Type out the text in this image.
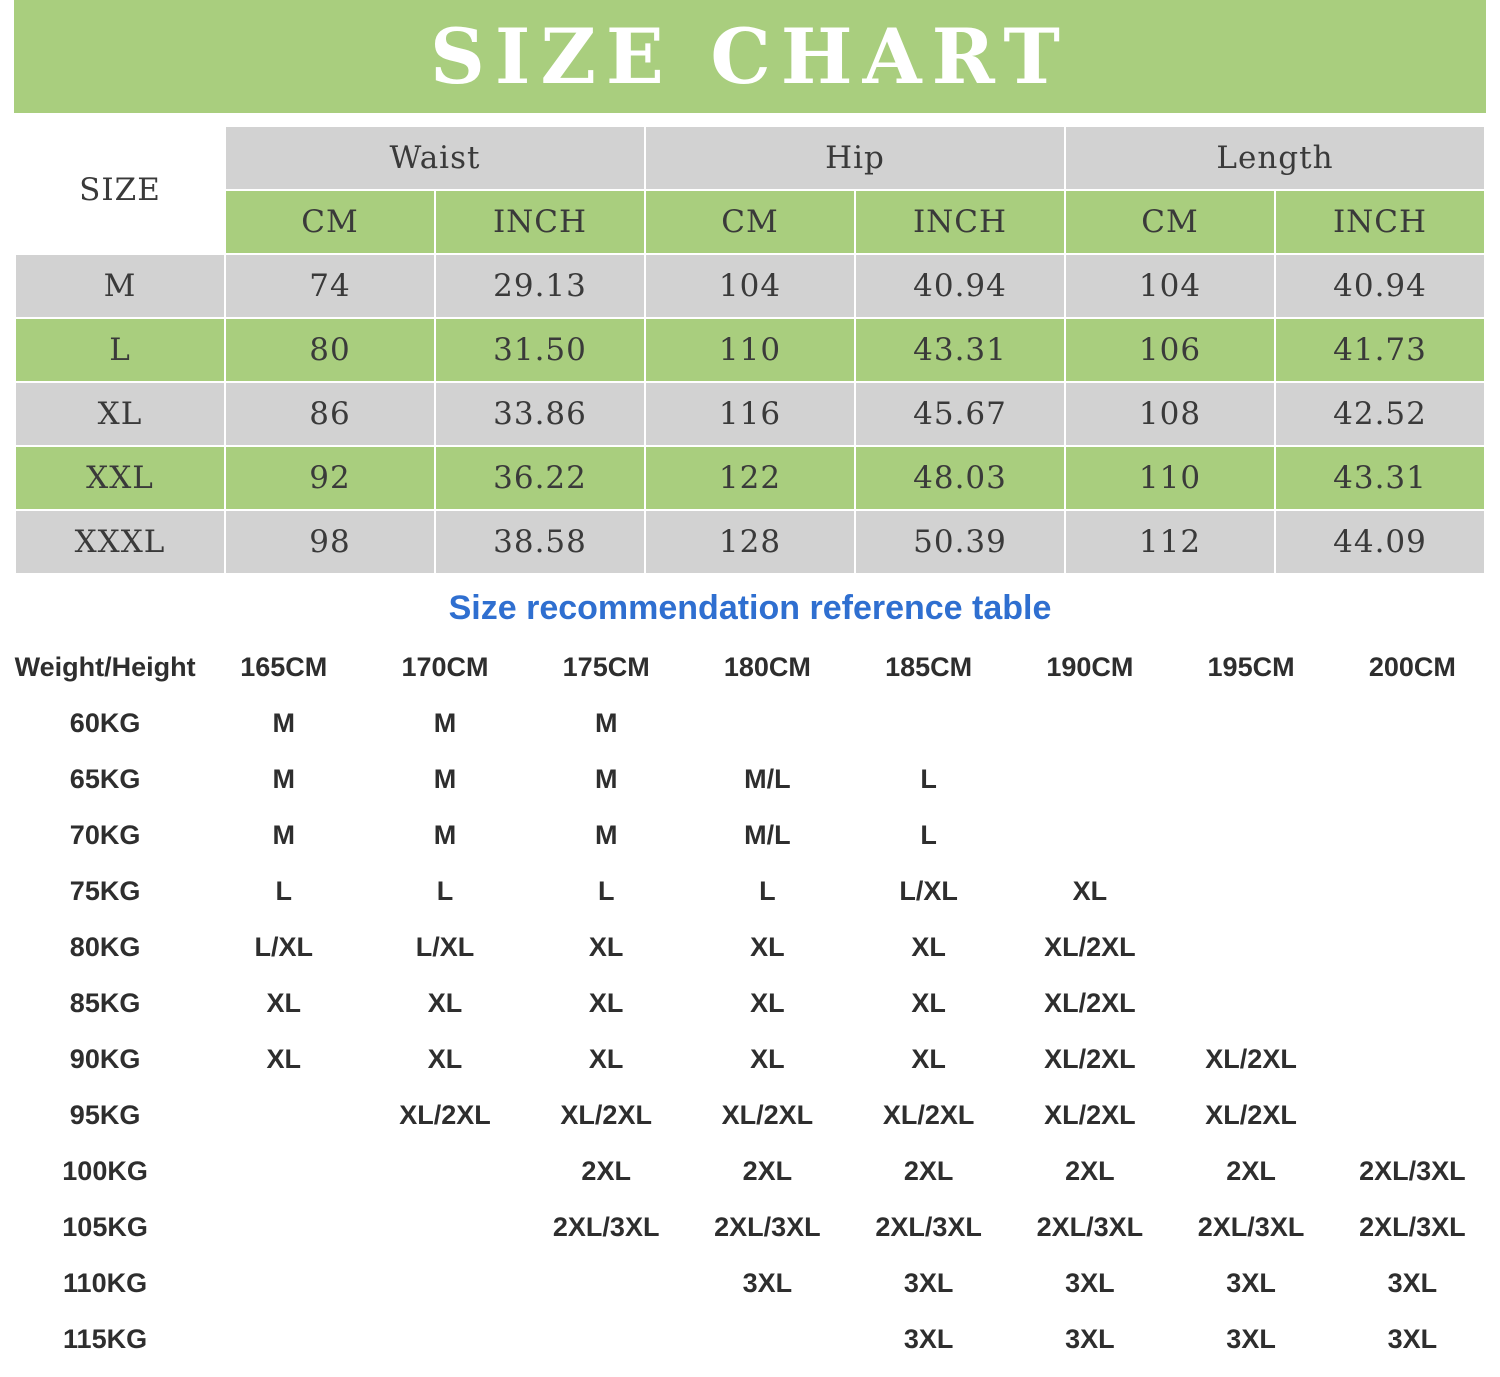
SIZE CHART
SIZE	Waist		Hip		Length	
	CM	INCH	CM	INCH	CM	INCH
M	74	29.13	104	40.94	104	40.94
L	80	31.50	110	43.31	106	41.73
XL	86	33.86	116	45.67	108	42.52
XXL	92	36.22	122	48.03	110	43.31
XXXL	98	38.58	128	50.39	112	44.09
Size recommendation reference table
Weight/Height	165CM	170CM	175CM	180CM	185CM	190CM	195CM	200CM
60KG	M	M	M					
65KG	M	M	M	M/L	L			
70KG	M	M	M	M/L	L			
75KG	L	L	L	L	L/XL	XL		
80KG	L/XL	L/XL	XL	XL	XL	XL/2XL		
85KG	XL	XL	XL	XL	XL	XL/2XL		
90KG	XL	XL	XL	XL	XL	XL/2XL	XL/2XL	
95KG		XL/2XL	XL/2XL	XL/2XL	XL/2XL	XL/2XL	XL/2XL	
100KG			2XL	2XL	2XL	2XL	2XL	2XL/3XL
105KG			2XL/3XL	2XL/3XL	2XL/3XL	2XL/3XL	2XL/3XL	2XL/3XL
110KG				3XL	3XL	3XL	3XL	3XL
115KG					3XL	3XL	3XL	3XL
